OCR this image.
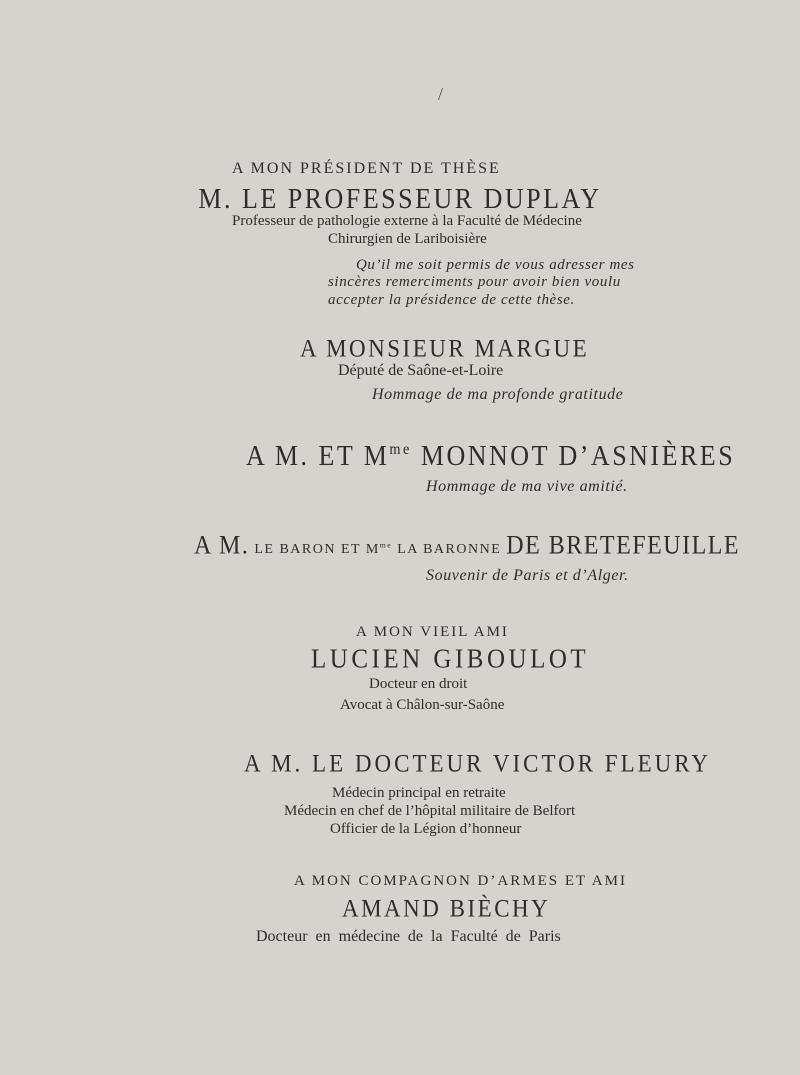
/
A MON PRÉSIDENT DE THÈSE
M. LE PROFESSEUR DUPLAY
Professeur de pathologie externe à la Faculté de Médecine
Chirurgien de Lariboisière
Qu’il me soit permis de vous adresser mes
sincères remerciments pour avoir bien voulu
accepter la présidence de cette thèse.
A MONSIEUR MARGUE
Député de Saône-et-Loire
Hommage de ma profonde gratitude
A M. ET $M^{me}$ MONNOT D’ASNIÈRES
Hommage de ma vive amitié.
A M. LE BARON ET $M^{me}$ LA BARONNE DE BRETEFEUILLE
Souvenir de Paris et d’Alger.
A MON VIEIL AMI
LUCIEN GIBOULOT
Docteur en droit
Avocat à Châlon-sur-Saône
A M. LE DOCTEUR VICTOR FLEURY
Médecin principal en retraite
Médecin en chef de l’hôpital militaire de Belfort
Officier de la Légion d’honneur
A MON COMPAGNON D’ARMES ET AMI
AMAND BIÈCHY
Docteur en médecine de la Faculté de Paris
